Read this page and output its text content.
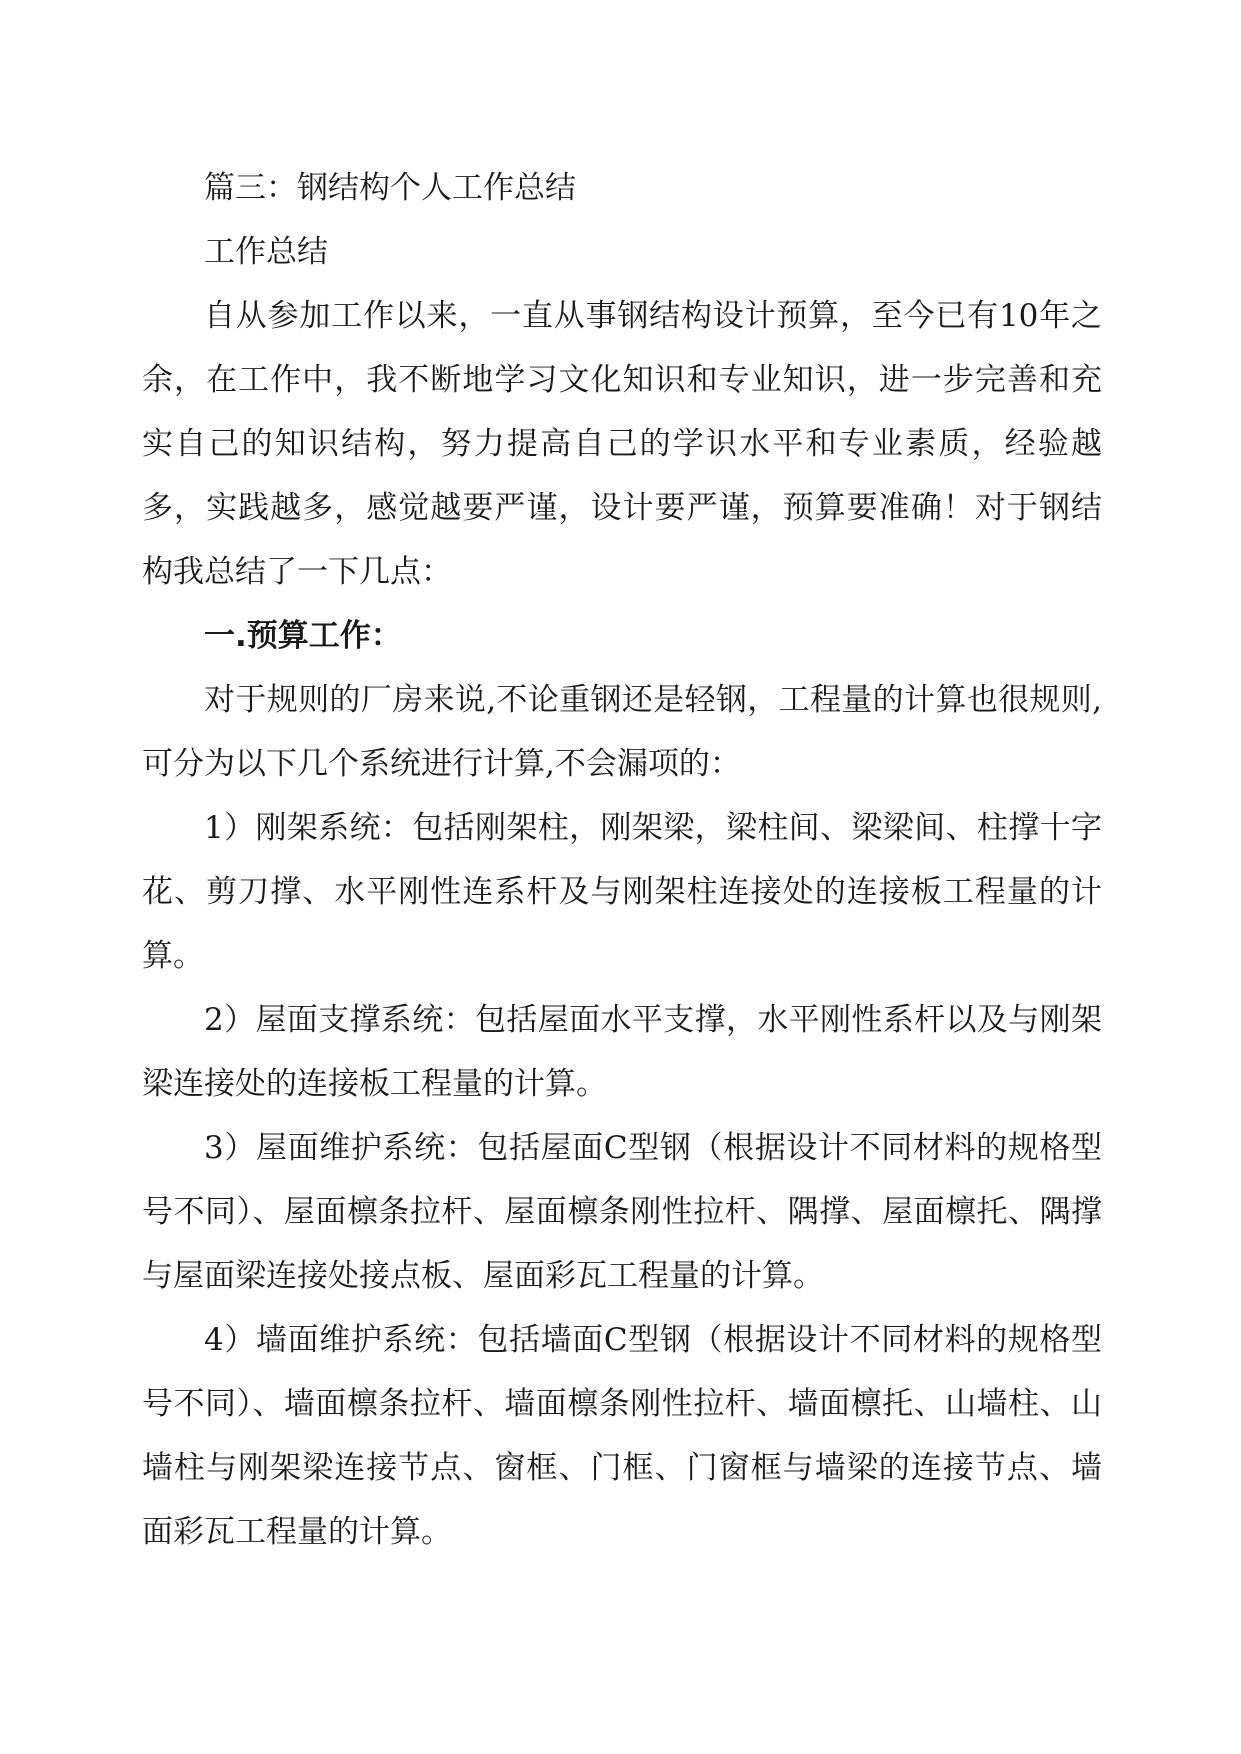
篇三：钢结构个人工作总结

工作总结

自从参加工作以来，一直从事钢结构设计预算，至今已有10年之余，在工作中，我不断地学习文化知识和专业知识，进一步完善和充实自己的知识结构，努力提高自己的学识水平和专业素质，经验越多，实践越多，感觉越要严谨，设计要严谨，预算要准确！对于钢结构我总结了一下几点：

一.预算工作：

对于规则的厂房来说,不论重钢还是轻钢，工程量的计算也很规则,可分为以下几个系统进行计算,不会漏项的：

1）刚架系统：包括刚架柱，刚架梁，梁柱间、梁梁间、柱撑十字花、剪刀撑、水平刚性连系杆及与刚架柱连接处的连接板工程量的计算。

2）屋面支撑系统：包括屋面水平支撑，水平刚性系杆以及与刚架梁连接处的连接板工程量的计算。

3）屋面维护系统：包括屋面C型钢（根据设计不同材料的规格型号不同）、屋面檩条拉杆、屋面檩条刚性拉杆、隅撑、屋面檩托、隅撑与屋面梁连接处接点板、屋面彩瓦工程量的计算。

4）墙面维护系统：包括墙面C型钢（根据设计不同材料的规格型号不同）、墙面檩条拉杆、墙面檩条刚性拉杆、墙面檩托、山墙柱、山墙柱与刚架梁连接节点、窗框、门框、门窗框与墙梁的连接节点、墙面彩瓦工程量的计算。
